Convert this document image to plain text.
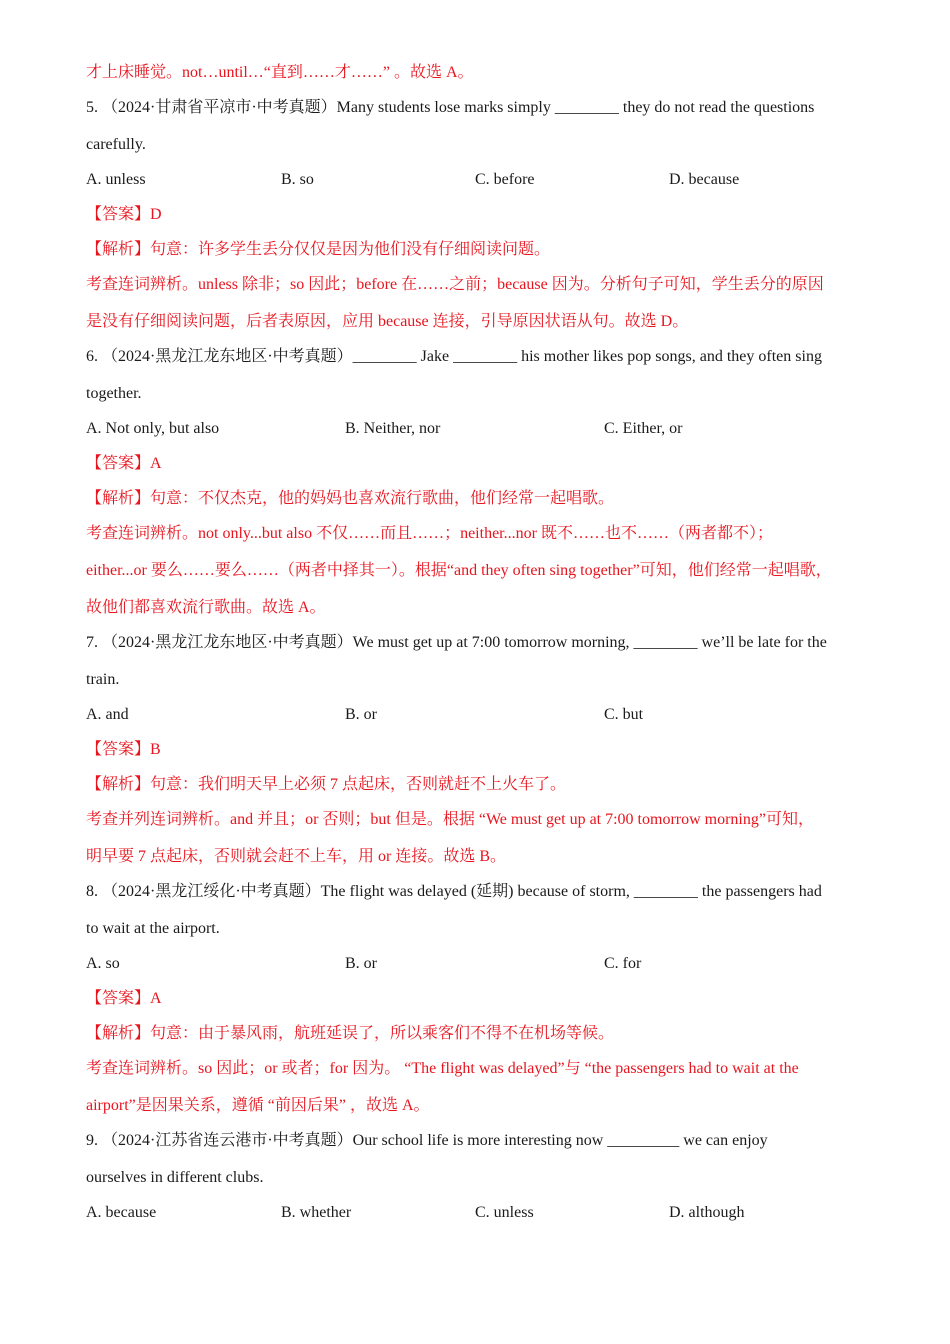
才上床睡觉。not…until…“直到……才……” 。故选 A。
5. （2024·甘肃省平凉市·中考真题）Many students lose marks simply ________ they do not read the questions
carefully.
A. unless	B. so	C. before	D. because
【答案】D
【解析】句意：许多学生丢分仅仅是因为他们没有仔细阅读问题。
考查连词辨析。unless 除非；so 因此；before 在……之前；because 因为。分析句子可知，学生丢分的原因
是没有仔细阅读问题，后者表原因，应用 because 连接，引导原因状语从句。故选 D。
6. （2024·黑龙江龙东地区·中考真题）________ Jake ________ his mother likes pop songs, and they often sing
together.
A. Not only, but also	B. Neither, nor	C. Either, or
【答案】A
【解析】句意：不仅杰克，他的妈妈也喜欢流行歌曲，他们经常一起唱歌。
考查连词辨析。not only...but also 不仅……而且……；neither...nor 既不……也不……（两者都不）；
either...or 要么……要么……（两者中择其一）。根据“and they often sing together”可知，他们经常一起唱歌，
故他们都喜欢流行歌曲。故选 A。
7. （2024·黑龙江龙东地区·中考真题）We must get up at 7:00 tomorrow morning, ________ we’ll be late for the
train.
A. and	B. or	C. but
【答案】B
【解析】句意：我们明天早上必须 7 点起床，否则就赶不上火车了。
考查并列连词辨析。and 并且；or 否则；but 但是。根据 “We must get up at 7:00 tomorrow morning”可知，
明早要 7 点起床，否则就会赶不上车，用 or 连接。故选 B。
8. （2024·黑龙江绥化·中考真题）The flight was delayed (延期) because of storm, ________ the passengers had
to wait at the airport.
A. so	B. or	C. for
【答案】A
【解析】句意：由于暴风雨，航班延误了，所以乘客们不得不在机场等候。
考查连词辨析。so 因此；or 或者；for 因为。 “The flight was delayed”与 “the passengers had to wait at the
airport”是因果关系，遵循 “前因后果” ，故选 A。
9. （2024·江苏省连云港市·中考真题）Our school life is more interesting now _________ we can enjoy
ourselves in different clubs.
A. because	B. whether	C. unless	D. although
